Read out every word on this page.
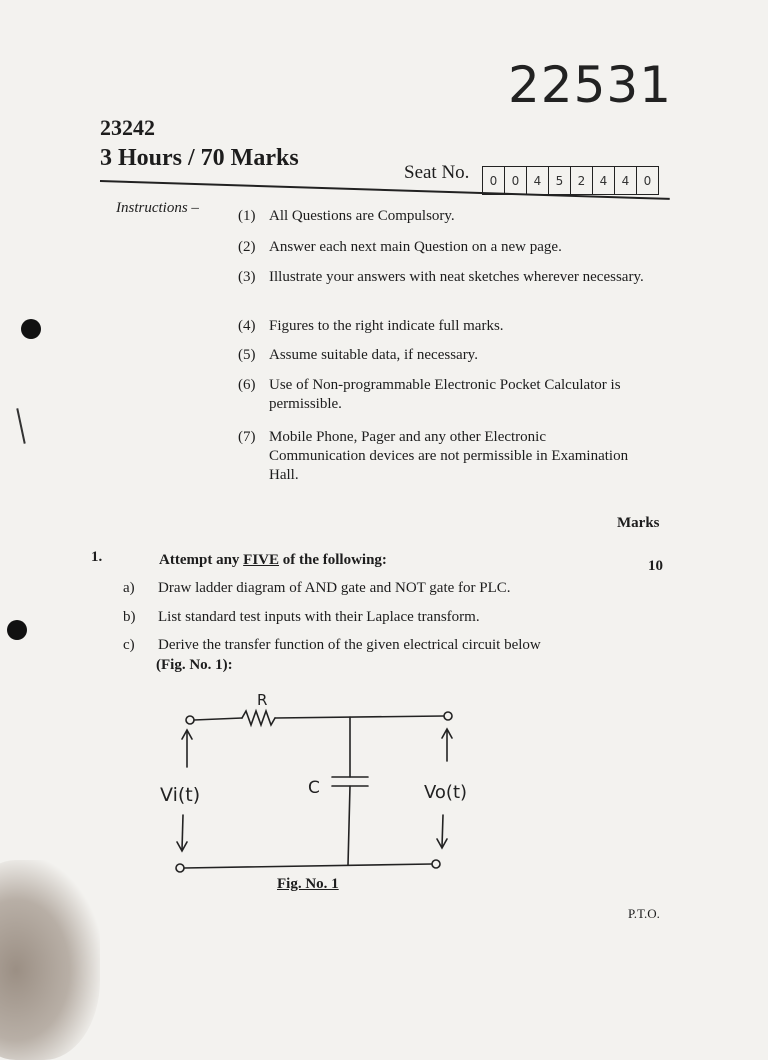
22531
23242
3 Hours / 70 Marks
Seat No.	0	0	4	5	2	4	4	0
Instructions –	(1) All Questions are Compulsory.
(2) Answer each next main Question on a new page.
(3) Illustrate your answers with neat sketches wherever necessary.
(4) Figures to the right indicate full marks.
(5) Assume suitable data, if necessary.
(6) Use of Non-programmable Electronic Pocket Calculator is permissible.
(7) Mobile Phone, Pager and any other Electronic Communication devices are not permissible in Examination Hall.
Marks
1.	Attempt any FIVE of the following:	10
a) Draw ladder diagram of AND gate and NOT gate for PLC.
b) List standard test inputs with their Laplace transform.
c) Derive the transfer function of the given electrical circuit below
(Fig. No. 1):
R
C
Vi(t)	Vo(t)
Fig. No. 1
P.T.O.
